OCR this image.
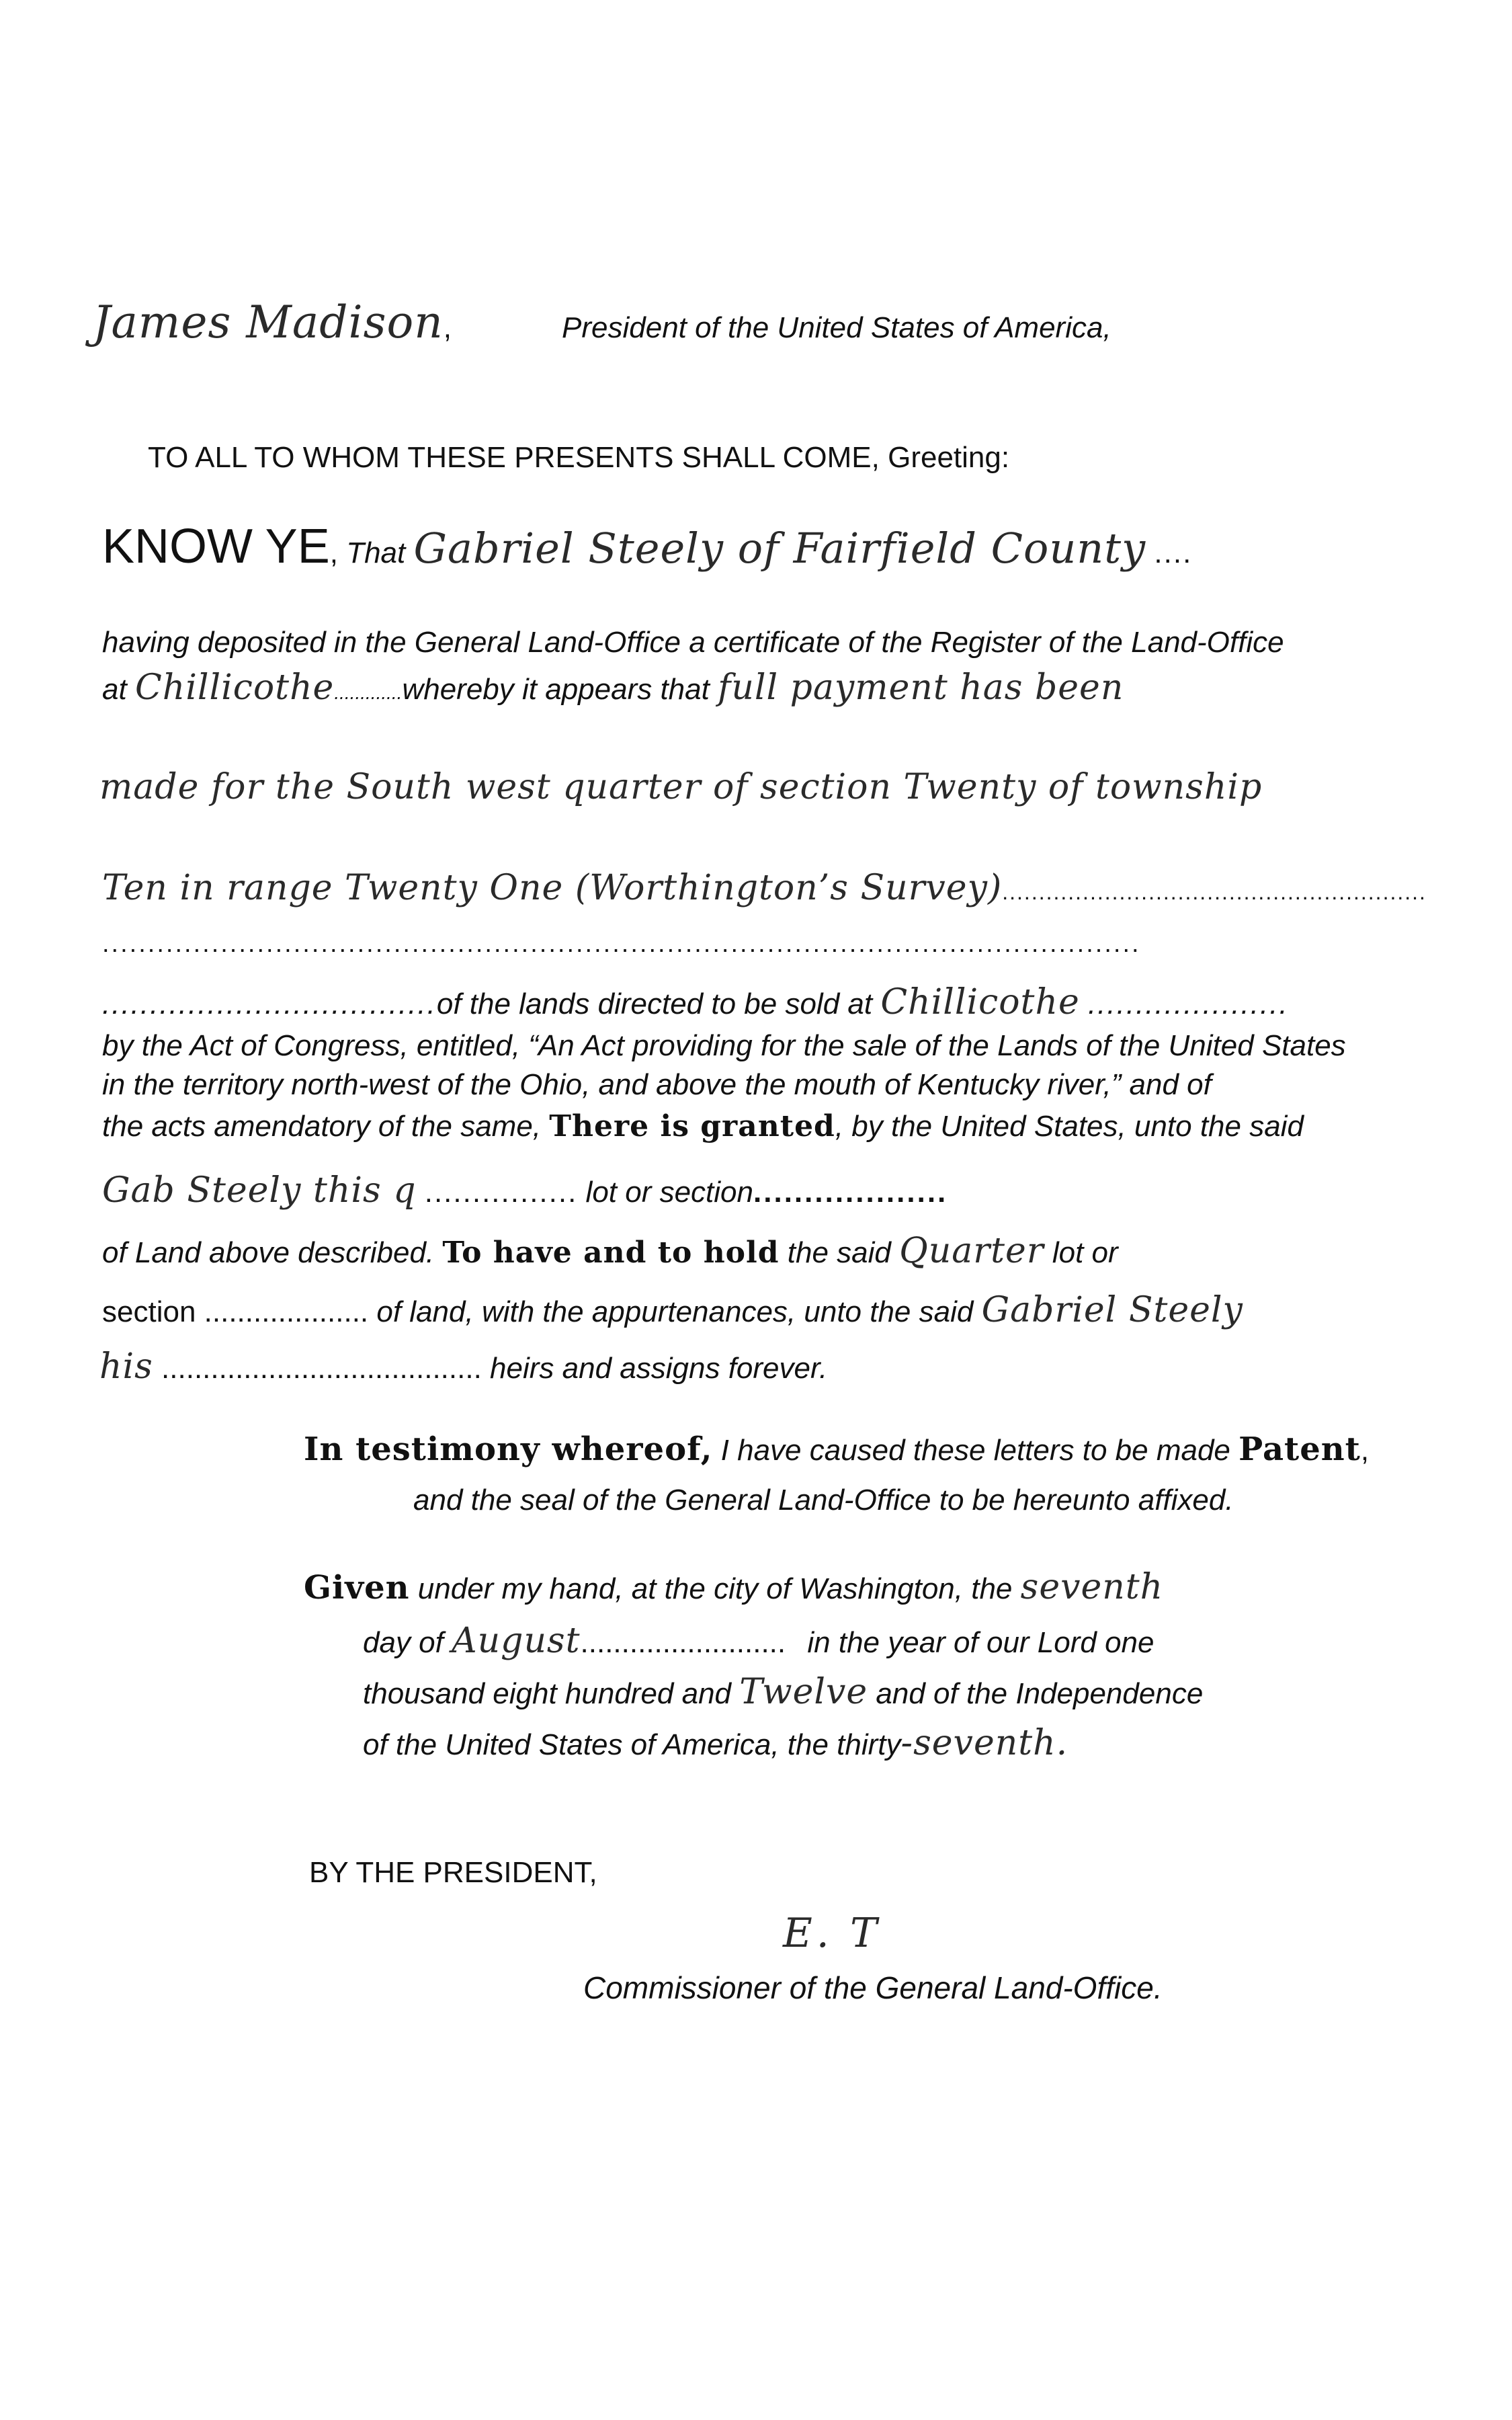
James Madison,	President of the United States of America,
TO ALL TO WHOM THESE PRESENTS SHALL COME, Greeting:
KNOW YE, That Gabriel Steely of Fairfield County ....
having deposited in the General Land-Office a certificate of the Register of the Land-Office
at Chillicothe.............whereby it appears that full payment has been
made for the South west quarter of section Twenty of township
Ten in range Twenty One (Worthington’s Survey)..........................................................
..................................................................................................................
...................................of the lands directed to be sold at Chillicothe .....................
by the Act of Congress, entitled, “An Act providing for the sale of the Lands of the United States
in the territory north-west of the Ohio, and above the mouth of Kentucky river,” and of
the acts amendatory of the same, There is granted, by the United States, unto the said
Gab Steely this q ................ lot or section...................
of Land above described. To have and to hold the said Quarter lot or
section .................... of land, with the appurtenances, unto the said Gabriel Steely
his ....................................... heirs and assigns forever.
In testimony whereof, I have caused these letters to be made Patent,
and the seal of the General Land-Office to be hereunto affixed.
Given under my hand, at the city of Washington, the seventh
day of August......................... in the year of our Lord one
thousand eight hundred and Twelve and of the Independence
of the United States of America, the thirty-seventh.
BY THE PRESIDENT,
E. T
Commissioner of the General Land-Office.
